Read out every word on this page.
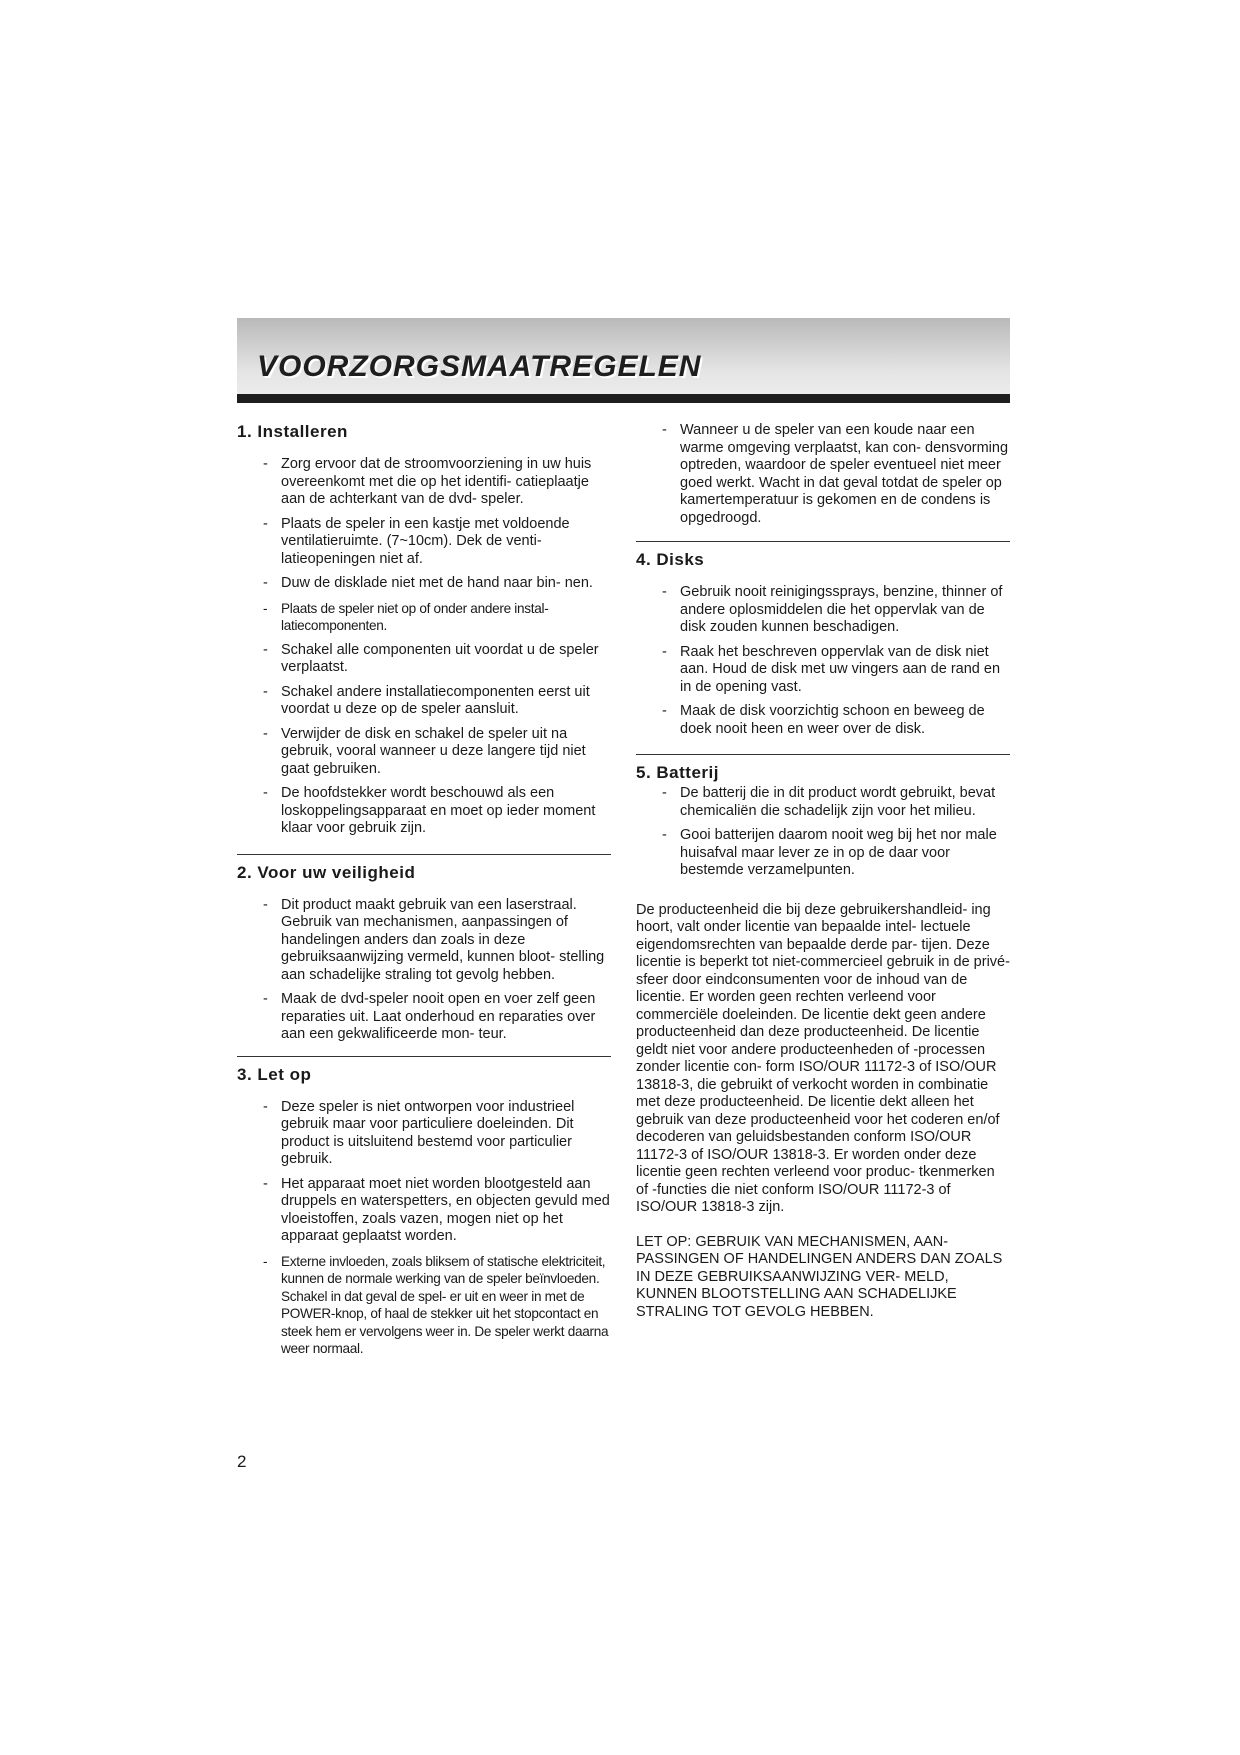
VOORZORGSMAATREGELEN
1. Installeren
- Zorg ervoor dat de stroomvoorziening in uw huis overeenkomt met die op het identifi- catieplaatje aan de achterkant van de dvd- speler.
- Plaats de speler in een kastje met voldoende ventilatieruimte. (7~10cm). Dek de venti- latieopeningen niet af.
- Duw de disklade niet met de hand naar bin- nen.
- Plaats de speler niet op of onder andere instal- latiecomponenten.
- Schakel alle componenten uit voordat u de speler verplaatst.
- Schakel andere installatiecomponenten eerst uit voordat u deze op de speler aansluit.
- Verwijder de disk en schakel de speler uit na gebruik, vooral wanneer u deze langere tijd niet gaat gebruiken.
- De hoofdstekker wordt beschouwd als een loskoppelingsapparaat en moet op ieder moment klaar voor gebruik zijn.
2. Voor uw veiligheid
- Dit product maakt gebruik van een laserstraal. Gebruik van mechanismen, aanpassingen of handelingen anders dan zoals in deze gebruiksaanwijzing vermeld, kunnen bloot- stelling aan schadelijke straling tot gevolg hebben.
- Maak de dvd-speler nooit open en voer zelf geen reparaties uit. Laat onderhoud en reparaties over aan een gekwalificeerde mon- teur.
3. Let op
- Deze speler is niet ontworpen voor industrieel gebruik maar voor particuliere doeleinden. Dit product is uitsluitend bestemd voor particulier gebruik.
- Het apparaat moet niet worden blootgesteld aan druppels en waterspetters, en objecten gevuld med vloeistoffen, zoals vazen, mogen niet op het apparaat geplaatst worden.
- Externe invloeden, zoals bliksem of statische elektriciteit, kunnen de normale werking van de speler beïnvloeden. Schakel in dat geval de spel- er uit en weer in met de POWER-knop, of haal de stekker uit het stopcontact en steek hem er vervolgens weer in. De speler werkt daarna weer normaal.
- Wanneer u de speler van een koude naar een warme omgeving verplaatst, kan con- densvorming optreden, waardoor de speler eventueel niet meer goed werkt. Wacht in dat geval totdat de speler op kamertemperatuur is gekomen en de condens is opgedroogd.
4. Disks
- Gebruik nooit reinigingssprays, benzine, thinner of andere oplosmiddelen die het oppervlak van de disk zouden kunnen beschadigen.
- Raak het beschreven oppervlak van de disk niet aan. Houd de disk met uw vingers aan de rand en in de opening vast.
- Maak de disk voorzichtig schoon en beweeg de doek nooit heen en weer over de disk.
5. Batterij
- De batterij die in dit product wordt gebruikt, bevat chemicaliën die schadelijk zijn voor het milieu.
- Gooi batterijen daarom nooit weg bij het nor male huisafval maar lever ze in op de daar voor bestemde verzamelpunten.

De producteenheid die bij deze gebruikershandleid- ing hoort, valt onder licentie van bepaalde intel- lectuele eigendomsrechten van bepaalde derde par- tijen. Deze licentie is beperkt tot niet-commercieel gebruik in de privé-sfeer door eindconsumenten voor de inhoud van de licentie. Er worden geen rechten verleend voor commerciële doeleinden. De licentie dekt geen andere producteenheid dan deze producteenheid. De licentie geldt niet voor andere producteenheden of -processen zonder licentie con- form ISO/OUR 11172-3 of ISO/OUR 13818-3, die gebruikt of verkocht worden in combinatie met deze producteenheid. De licentie dekt alleen het gebruik van deze producteenheid voor het coderen en/of decoderen van geluidsbestanden conform ISO/OUR 11172-3 of ISO/OUR 13818-3. Er worden onder deze licentie geen rechten verleend voor produc- tkenmerken of -functies die niet conform ISO/OUR 11172-3 of ISO/OUR 13818-3 zijn.

LET OP: GEBRUIK VAN MECHANISMEN, AAN- PASSINGEN OF HANDELINGEN ANDERS DAN ZOALS IN DEZE GEBRUIKSAANWIJZING VER- MELD, KUNNEN BLOOTSTELLING AAN SCHADELIJKE STRALING TOT GEVOLG HEBBEN.

2
